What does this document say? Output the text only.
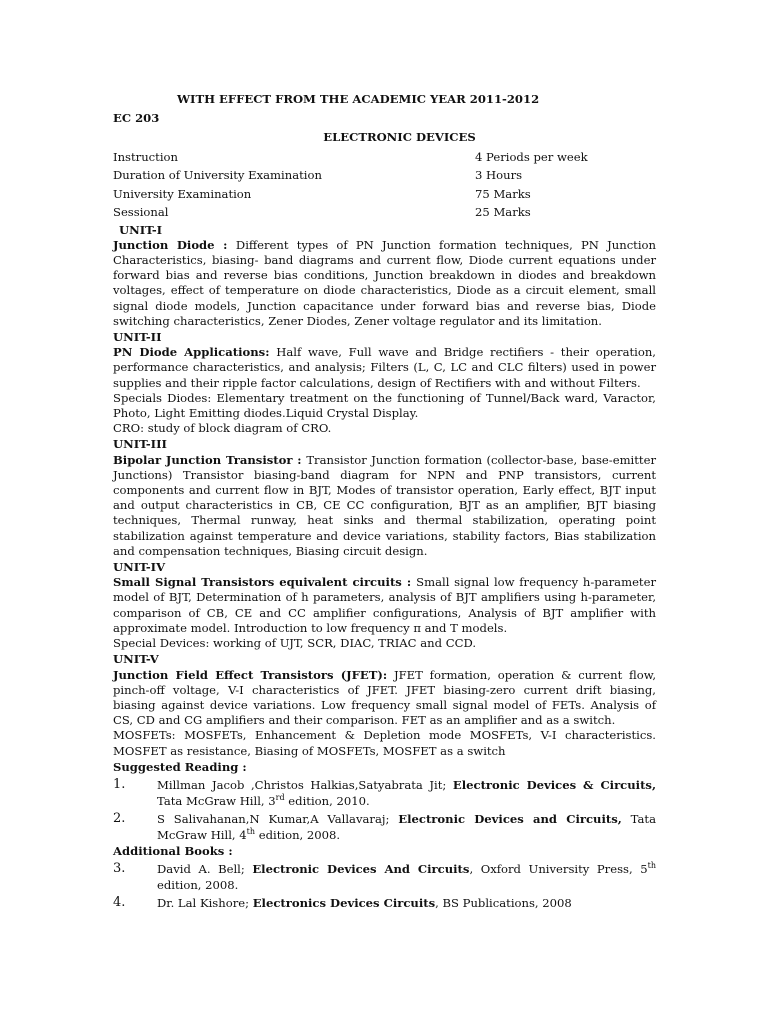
WITH EFFECT FROM THE ACADEMIC YEAR 2011-2012
EC 203
ELECTRONIC DEVICES
Instruction	4 Periods per week
Duration of University Examination	3 Hours
University Examination	75 Marks
Sessional	25 Marks
UNIT-I
Junction Diode : Different types of PN Junction formation techniques, PN Junction Characteristics, biasing- band diagrams and current flow, Diode current equations under forward bias and reverse bias conditions, Junction breakdown in diodes and breakdown voltages, effect of temperature on diode characteristics, Diode as a circuit element, small signal diode models, Junction capacitance under forward bias and reverse bias, Diode switching characteristics, Zener Diodes, Zener voltage regulator and its limitation.
UNIT-II
PN Diode Applications: Half wave, Full wave and Bridge rectifiers - their operation, performance characteristics, and analysis; Filters (L, C, LC and CLC filters) used in power supplies and their ripple factor calculations, design of Rectifiers with and without Filters.
Specials Diodes: Elementary treatment on the functioning of Tunnel/Back ward, Varactor, Photo, Light Emitting diodes.Liquid Crystal Display.
CRO: study of block diagram of CRO.
UNIT-III
Bipolar Junction Transistor : Transistor Junction formation (collector-base, base-emitter Junctions) Transistor biasing-band diagram for NPN and PNP transistors, current components and current flow in BJT, Modes of transistor operation, Early effect, BJT input and output characteristics in CB, CE CC configuration, BJT as an amplifier, BJT biasing techniques, Thermal runway, heat sinks and thermal stabilization, operating point stabilization against temperature and device variations, stability factors, Bias stabilization and compensation techniques, Biasing circuit design.
UNIT-IV
Small Signal Transistors equivalent circuits : Small signal low frequency h-parameter model of BJT, Determination of h parameters, analysis of BJT amplifiers using h-parameter, comparison of CB, CE and CC amplifier configurations, Analysis of BJT amplifier with approximate model. Introduction to low frequency π and T models.
Special Devices: working of UJT, SCR, DIAC, TRIAC and CCD.
UNIT-V
Junction Field Effect Transistors (JFET): JFET formation, operation & current flow, pinch-off voltage, V-I characteristics of JFET. JFET biasing-zero current drift biasing, biasing against device variations. Low frequency small signal model of FETs. Analysis of CS, CD and CG amplifiers and their comparison. FET as an amplifier and as a switch.
MOSFETs: MOSFETs, Enhancement & Depletion mode MOSFETs, V-I characteristics. MOSFET as resistance, Biasing of MOSFETs, MOSFET as a switch
Suggested Reading :
1.	Millman Jacob ,Christos Halkias,Satyabrata Jit; Electronic Devices & Circuits, Tata McGraw Hill, 3rd edition, 2010.
2.	S Salivahanan,N Kumar,A Vallavaraj; Electronic Devices and Circuits, Tata McGraw Hill, 4th edition, 2008.
Additional Books :
3.	David A. Bell; Electronic Devices And Circuits, Oxford University Press, 5th edition, 2008.
4.	Dr. Lal Kishore; Electronics Devices Circuits, BS Publications, 2008
